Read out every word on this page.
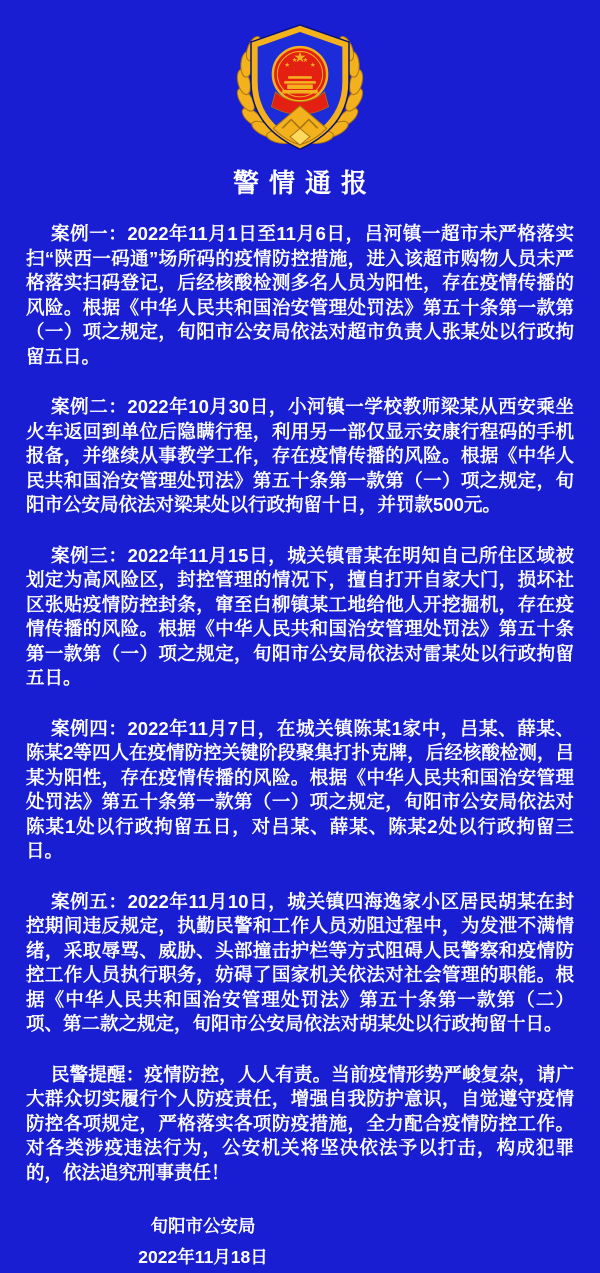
警情通报

案例一：2022年11月1日至11月6日，吕河镇一超市未严格落实扫“陕西一码通”场所码的疫情防控措施，进入该超市购物人员未严格落实扫码登记，后经核酸检测多名人员为阳性，存在疫情传播的风险。根据《中华人民共和国治安管理处罚法》第五十条第一款第（一）项之规定，旬阳市公安局依法对超市负责人张某处以行政拘留五日。

案例二：2022年10月30日，小河镇一学校教师梁某从西安乘坐火车返回到单位后隐瞒行程，利用另一部仅显示安康行程码的手机报备，并继续从事教学工作，存在疫情传播的风险。根据《中华人民共和国治安管理处罚法》第五十条第一款第（一）项之规定，旬阳市公安局依法对梁某处以行政拘留十日，并罚款500元。

案例三：2022年11月15日，城关镇雷某在明知自己所住区域被划定为高风险区，封控管理的情况下，擅自打开自家大门，损坏社区张贴疫情防控封条，窜至白柳镇某工地给他人开挖掘机，存在疫情传播的风险。根据《中华人民共和国治安管理处罚法》第五十条第一款第（一）项之规定，旬阳市公安局依法对雷某处以行政拘留五日。

案例四：2022年11月7日，在城关镇陈某1家中，吕某、薛某、陈某2等四人在疫情防控关键阶段聚集打扑克牌，后经核酸检测，吕某为阳性，存在疫情传播的风险。根据《中华人民共和国治安管理处罚法》第五十条第一款第（一）项之规定，旬阳市公安局依法对陈某1处以行政拘留五日，对吕某、薛某、陈某2处以行政拘留三日。

案例五：2022年11月10日，城关镇四海逸家小区居民胡某在封控期间违反规定，执勤民警和工作人员劝阻过程中，为发泄不满情绪，采取辱骂、威胁、头部撞击护栏等方式阻碍人民警察和疫情防控工作人员执行职务，妨碍了国家机关依法对社会管理的职能。根据《中华人民共和国治安管理处罚法》第五十条第一款第（二）项、第二款之规定，旬阳市公安局依法对胡某处以行政拘留十日。

民警提醒：疫情防控，人人有责。当前疫情形势严峻复杂，请广大群众切实履行个人防疫责任，增强自我防护意识，自觉遵守疫情防控各项规定，严格落实各项防疫措施，全力配合疫情防控工作。对各类涉疫违法行为，公安机关将坚决依法予以打击，构成犯罪的，依法追究刑事责任！

旬阳市公安局
2022年11月18日
